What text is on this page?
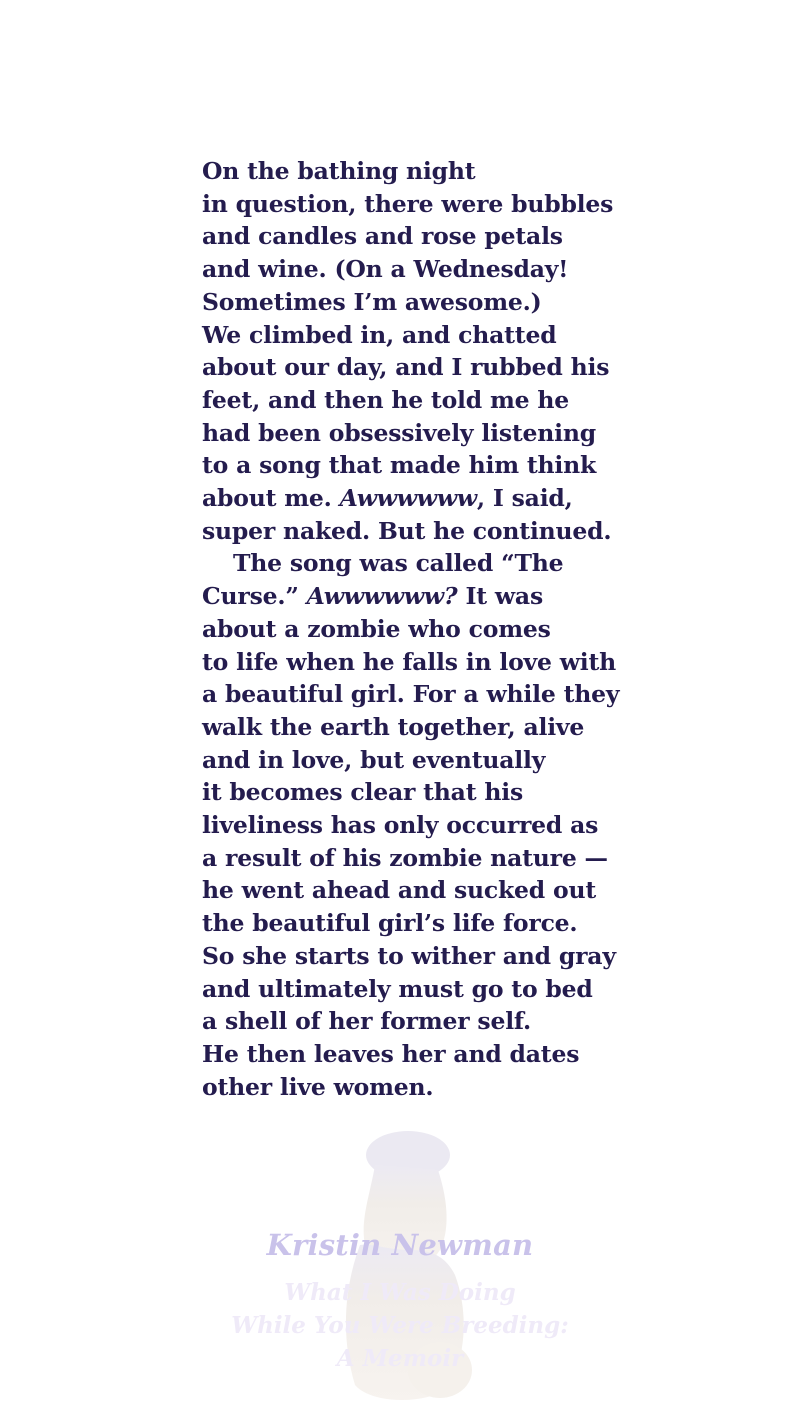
On the bathing night
in question, there were bubbles
and candles and rose petals
and wine. (On a Wednesday!
Sometimes I’m awesome.)
We climbed in, and chatted
about our day, and I rubbed his
feet, and then he told me he
had been obsessively listening
to a song that made him think
about me. Awwwwww, I said,
super naked. But he continued.
The song was called “The
Curse.” Awwwwww? It was
about a zombie who comes
to life when he falls in love with
a beautiful girl. For a while they
walk the earth together, alive
and in love, but eventually
it becomes clear that his
liveliness has only occurred as
a result of his zombie nature —
he went ahead and sucked out
the beautiful girl’s life force.
So she starts to wither and gray
and ultimately must go to bed
a shell of her former self.
He then leaves her and dates
other live women.
Kristin Newman
What I Was Doing
While You Were Breeding:
A Memoir
